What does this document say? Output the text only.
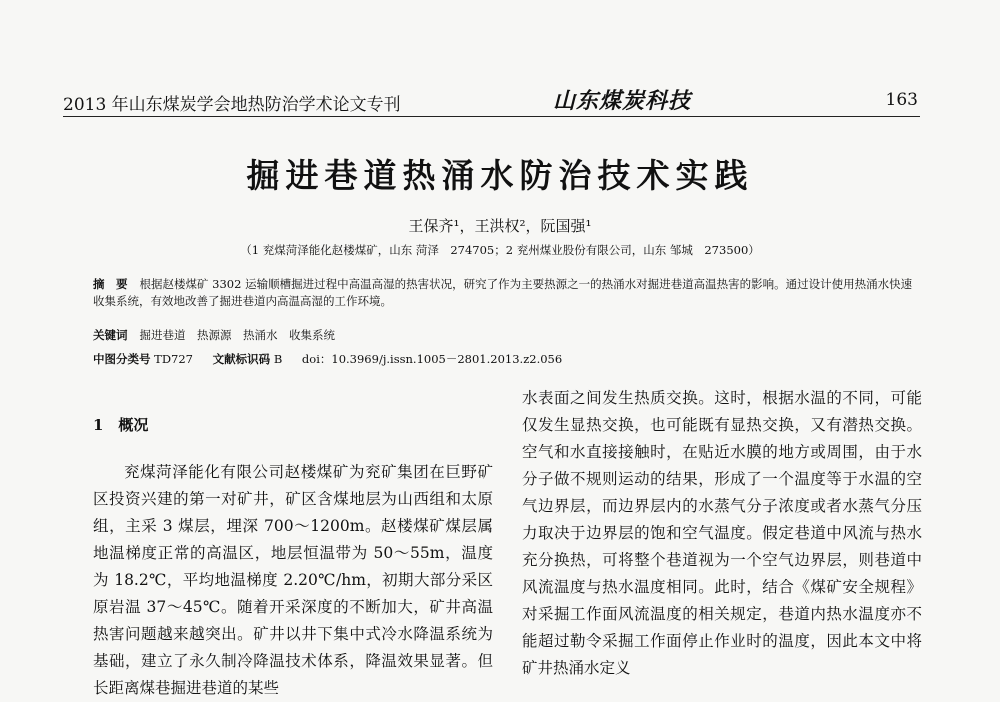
2013 年山东煤炭学会地热防治学术论文专刊	山东煤炭科技	163
掘进巷道热涌水防治技术实践
王保齐¹，王洪权²，阮国强¹
（1 兖煤菏泽能化赵楼煤矿，山东 菏泽　274705；2 兖州煤业股份有限公司，山东 邹城　273500）
摘　要 根据赵楼煤矿 3302 运输顺槽掘进过程中高温高湿的热害状况，研究了作为主要热源之一的热涌水对掘进巷道高温热害的影响。通过设计使用热涌水快速收集系统，有效地改善了掘进巷道内高温高湿的工作环境。
关键词 掘进巷道　热源源　热涌水　收集系统
中图分类号 TD727 文献标识码 B doi：10.3969/j.issn.1005－2801.2013.z2.056
1　概况
兖煤菏泽能化有限公司赵楼煤矿为兖矿集团在巨野矿区投资兴建的第一对矿井，矿区含煤地层为山西组和太原组，主采 3 煤层，埋深 700～1200m。赵楼煤矿煤层属地温梯度正常的高温区，地层恒温带为 50～55m，温度为 18.2℃，平均地温梯度 2.20℃/hm，初期大部分采区原岩温 37～45℃。随着开采深度的不断加大，矿井高温热害问题越来越突出。矿井以井下集中式冷水降温系统为基础，建立了永久制冷降温技术体系，降温效果显著。但长距离煤巷掘进巷道的某些
水表面之间发生热质交换。这时，根据水温的不同，可能仅发生显热交换，也可能既有显热交换，又有潜热交换。空气和水直接接触时，在贴近水膜的地方或周围，由于水分子做不规则运动的结果，形成了一个温度等于水温的空气边界层，而边界层内的水蒸气分子浓度或者水蒸气分压力取决于边界层的饱和空气温度。假定巷道中风流与热水充分换热，可将整个巷道视为一个空气边界层，则巷道中风流温度与热水温度相同。此时，结合《煤矿安全规程》对采掘工作面风流温度的相关规定，巷道内热水温度亦不能超过勒令采掘工作面停止作业时的温度，因此本文中将矿井热涌水定义
